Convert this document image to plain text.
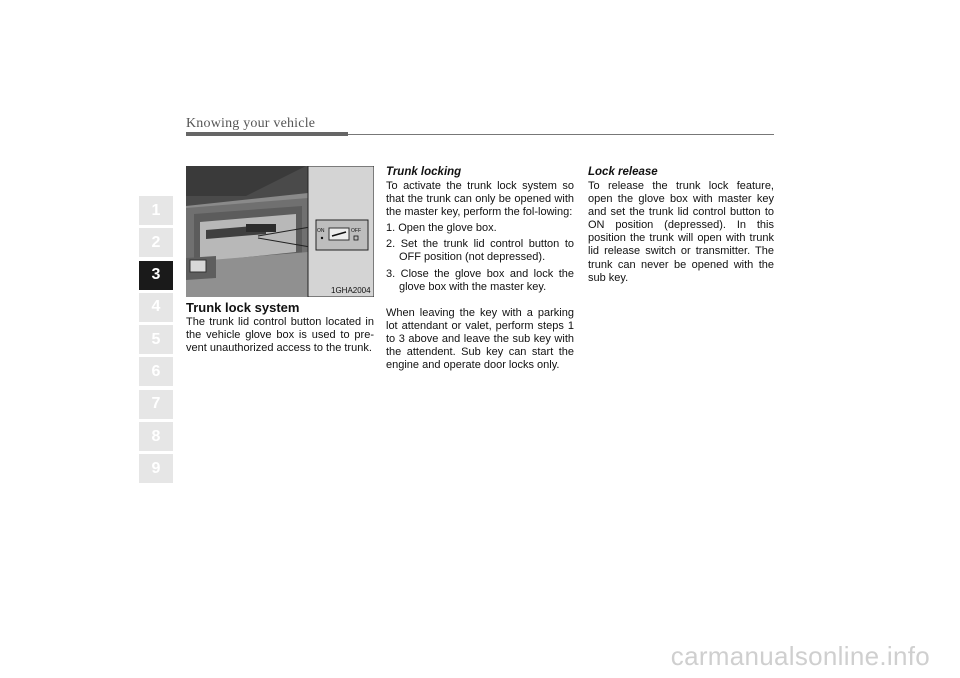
Knowing your vehicle
1
2
3
4
5
6
7
8
9
ON	OFF
1GHA2004
Trunk lock system

The trunk lid control button located in the vehicle glove box is used to pre-vent unauthorized access to the trunk.

Trunk locking

To activate the trunk lock system so that the trunk can only be opened with the master key, perform the fol-lowing:

1. Open the glove box.
2. Set the trunk lid control button to OFF position (not depressed).
3. Close the glove box and lock the glove box with the master key.

When leaving the key with a parking lot attendant or valet, perform steps 1 to 3 above and leave the sub key with the attendent. Sub key can start the engine and operate door locks only.

Lock release

To release the trunk lock feature, open the glove box with master key and set the trunk lid control button to ON position (depressed). In this position the trunk will open with trunk lid release switch or transmitter. The trunk can never be opened with the sub key.

carmanualsonline.info
